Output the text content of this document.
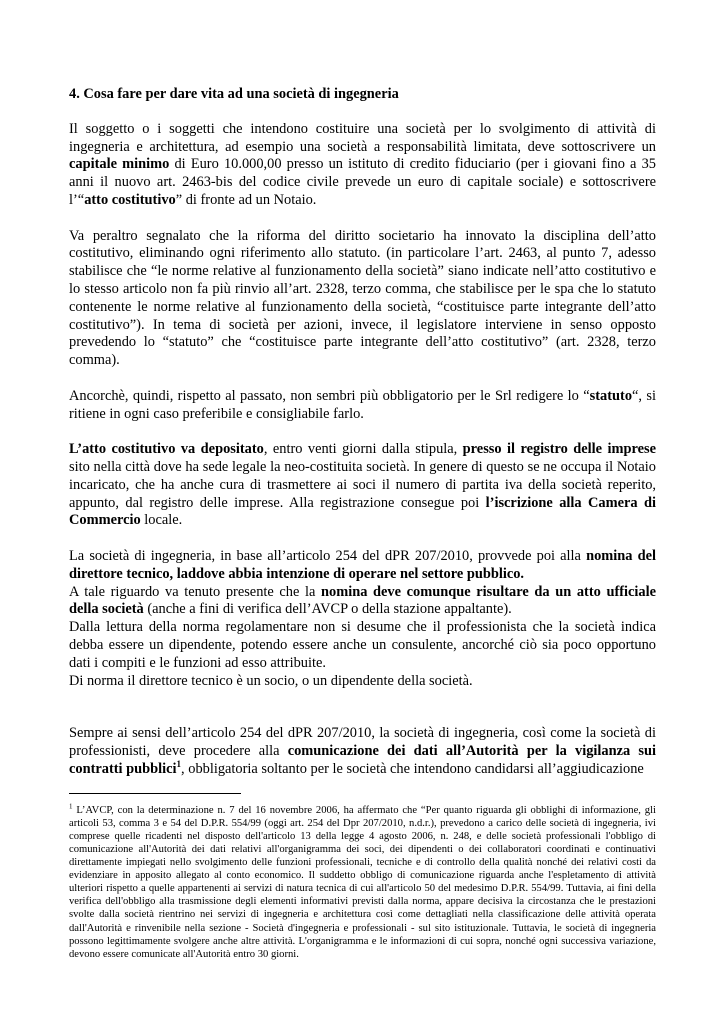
4. Cosa fare per dare vita ad una società di ingegneria

Il soggetto o i soggetti che intendono costituire una società per lo svolgimento di attività di ingegneria e architettura, ad esempio una società a responsabilità limitata, deve sottoscrivere un capitale minimo di Euro 10.000,00 presso un istituto di credito fiduciario (per i giovani fino a 35 anni il nuovo art. 2463-bis del codice civile prevede un euro di capitale sociale) e sottoscrivere l’“atto costitutivo” di fronte ad un Notaio.

Va peraltro segnalato che la riforma del diritto societario ha innovato la disciplina dell’atto costitutivo, eliminando ogni riferimento allo statuto. (in particolare l’art. 2463, al punto 7, adesso stabilisce che “le norme relative al funzionamento della società” siano indicate nell’atto costitutivo e lo stesso articolo non fa più rinvio all’art. 2328, terzo comma, che stabilisce per le spa che lo statuto contenente le norme relative al funzionamento della società, “costituisce parte integrante dell’atto costitutivo”). In tema di società per azioni, invece, il legislatore interviene in senso opposto prevedendo lo “statuto” che “costituisce parte integrante dell’atto costitutivo” (art. 2328, terzo comma).

Ancorchè, quindi, rispetto al passato, non sembri più obbligatorio per le Srl redigere lo “statuto“, si ritiene in ogni caso preferibile e consigliabile farlo.

L’atto costitutivo va depositato, entro venti giorni dalla stipula, presso il registro delle imprese sito nella città dove ha sede legale la neo-costituita società. In genere di questo se ne occupa il Notaio incaricato, che ha anche cura di trasmettere ai soci il numero di partita iva della società reperito, appunto, dal registro delle imprese. Alla registrazione consegue poi l’iscrizione alla Camera di Commercio locale.

La società di ingegneria, in base all’articolo 254 del dPR 207/2010, provvede poi alla nomina del direttore tecnico, laddove abbia intenzione di operare nel settore pubblico.

A tale riguardo va tenuto presente che la nomina deve comunque risultare da un atto ufficiale della società (anche a fini di verifica dell’AVCP o della stazione appaltante).

Dalla lettura della norma regolamentare non si desume che il professionista che la società indica debba essere un dipendente, potendo essere anche un consulente, ancorché ciò sia poco opportuno dati i compiti e le funzioni ad esso attribuite.

Di norma il direttore tecnico è un socio, o un dipendente della società.

Sempre ai sensi dell’articolo 254 del dPR 207/2010, la società di ingegneria, così come la società di professionisti, deve procedere alla comunicazione dei dati all’Autorità per la vigilanza sui contratti pubblici$^1$, obbligatoria soltanto per le società che intendono candidarsi all’aggiudicazione

$^1$ L’AVCP, con la determinazione n. 7 del 16 novembre 2006, ha affermato che “Per quanto riguarda gli obblighi di informazione, gli articoli 53, comma 3 e 54 del D.P.R. 554/99 (oggi art. 254 del Dpr 207/2010, n.d.r.), prevedono a carico delle società di ingegneria, ivi comprese quelle ricadenti nel disposto dell'articolo 13 della legge 4 agosto 2006, n. 248, e delle società professionali l'obbligo di comunicazione all'Autorità dei dati relativi all'organigramma dei soci, dei dipendenti o dei collaboratori coordinati e continuativi direttamente impiegati nello svolgimento delle funzioni professionali, tecniche e di controllo della qualità nonché dei relativi costi da evidenziare in apposito allegato al conto economico. Il suddetto obbligo di comunicazione riguarda anche l'espletamento di attività ulteriori rispetto a quelle appartenenti ai servizi di natura tecnica di cui all'articolo 50 del medesimo D.P.R. 554/99. Tuttavia, ai fini della verifica dell'obbligo alla trasmissione degli elementi informativi previsti dalla norma, appare decisiva la circostanza che le prestazioni svolte dalla società rientrino nei servizi di ingegneria e architettura così come dettagliati nella classificazione delle attività operata dall'Autorità e rinvenibile nella sezione - Società d'ingegneria e professionali - sul sito istituzionale. Tuttavia, le società di ingegneria possono legittimamente svolgere anche altre attività. L'organigramma e le informazioni di cui sopra, nonché ogni successiva variazione, devono essere comunicate all'Autorità entro 30 giorni.
